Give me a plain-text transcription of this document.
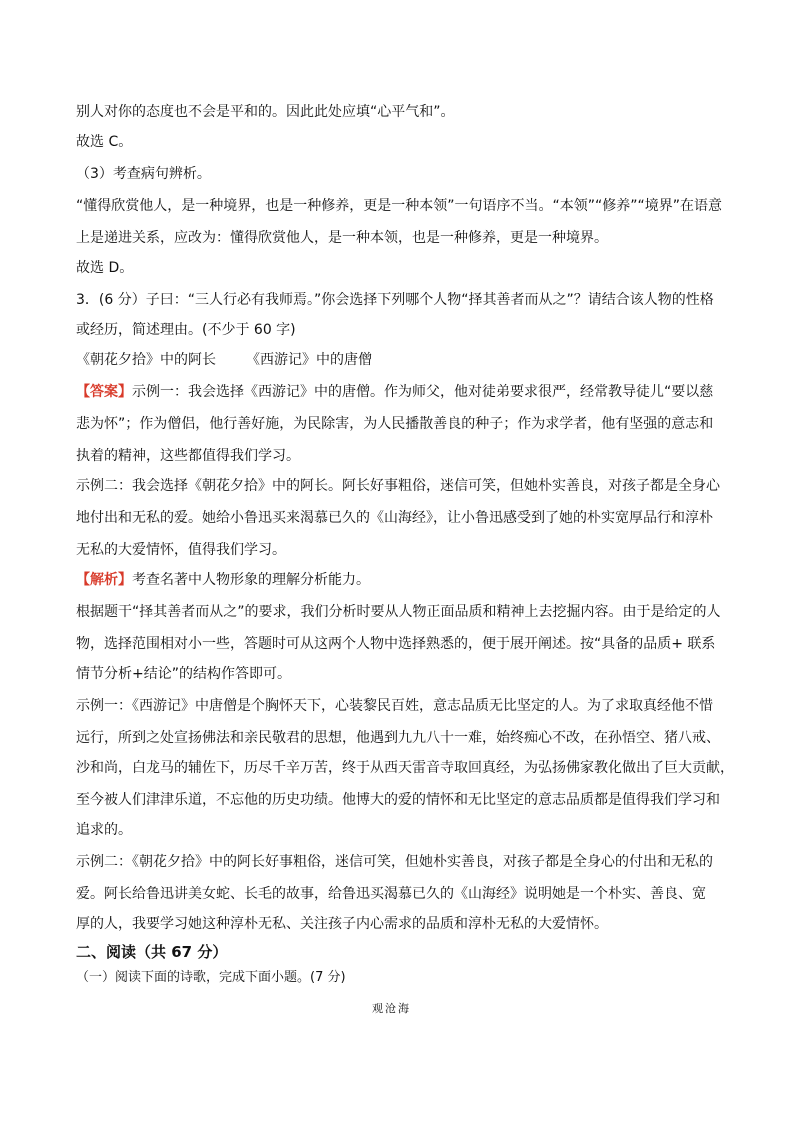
别人对你的态度也不会是平和的。因此此处应填“心平气和”。
故选 C。
（3）考查病句辨析。
“懂得欣赏他人，是一种境界，也是一种修养，更是一种本领”一句语序不当。“本领”“修养”“境界”在语意
上是递进关系，应改为：懂得欣赏他人，是一种本领，也是一种修养，更是一种境界。
故选 D。
3．(6 分）子曰：“三人行必有我师焉。”你会选择下列哪个人物“择其善者而从之”？请结合该人物的性格
或经历，简述理由。(不少于 60 字)
《朝花夕拾》中的阿长 《西游记》中的唐僧
【答案】示例一：我会选择《西游记》中的唐僧。作为师父，他对徒弟要求很严，经常教导徒儿“要以慈
悲为怀”；作为僧侣，他行善好施，为民除害，为人民播散善良的种子；作为求学者，他有坚强的意志和
执着的精神，这些都值得我们学习。
示例二：我会选择《朝花夕拾》中的阿长。阿长好事粗俗，迷信可笑，但她朴实善良，对孩子都是全身心
地付出和无私的爱。她给小鲁迅买来渴慕已久的《山海经》，让小鲁迅感受到了她的朴实宽厚品行和淳朴
无私的大爱情怀，值得我们学习。
【解析】考查名著中人物形象的理解分析能力。
根据题干“择其善者而从之”的要求，我们分析时要从人物正面品质和精神上去挖掘内容。由于是给定的人
物，选择范围相对小一些，答题时可从这两个人物中选择熟悉的，便于展开阐述。按“具备的品质+ 联系
情节分析+结论”的结构作答即可。
示例一：《西游记》中唐僧是个胸怀天下，心装黎民百姓，意志品质无比坚定的人。为了求取真经他不惜
远行，所到之处宣扬佛法和亲民敬君的思想，他遇到九九八十一难，始终痴心不改，在孙悟空、猪八戒、
沙和尚，白龙马的辅佐下，历尽千辛万苦，终于从西天雷音寺取回真经，为弘扬佛家教化做出了巨大贡献，
至今被人们津津乐道，不忘他的历史功绩。他博大的爱的情怀和无比坚定的意志品质都是值得我们学习和
追求的。
示例二：《朝花夕拾》中的阿长好事粗俗，迷信可笑，但她朴实善良，对孩子都是全身心的付出和无私的
爱。阿长给鲁迅讲美女蛇、长毛的故事，给鲁迅买渴慕已久的《山海经》说明她是一个朴实、善良、宽
厚的人，我要学习她这种淳朴无私、关注孩子内心需求的品质和淳朴无私的大爱情怀。
二、阅读（共 67 分）
（一）阅读下面的诗歌，完成下面小题。(7 分)
观沧海
